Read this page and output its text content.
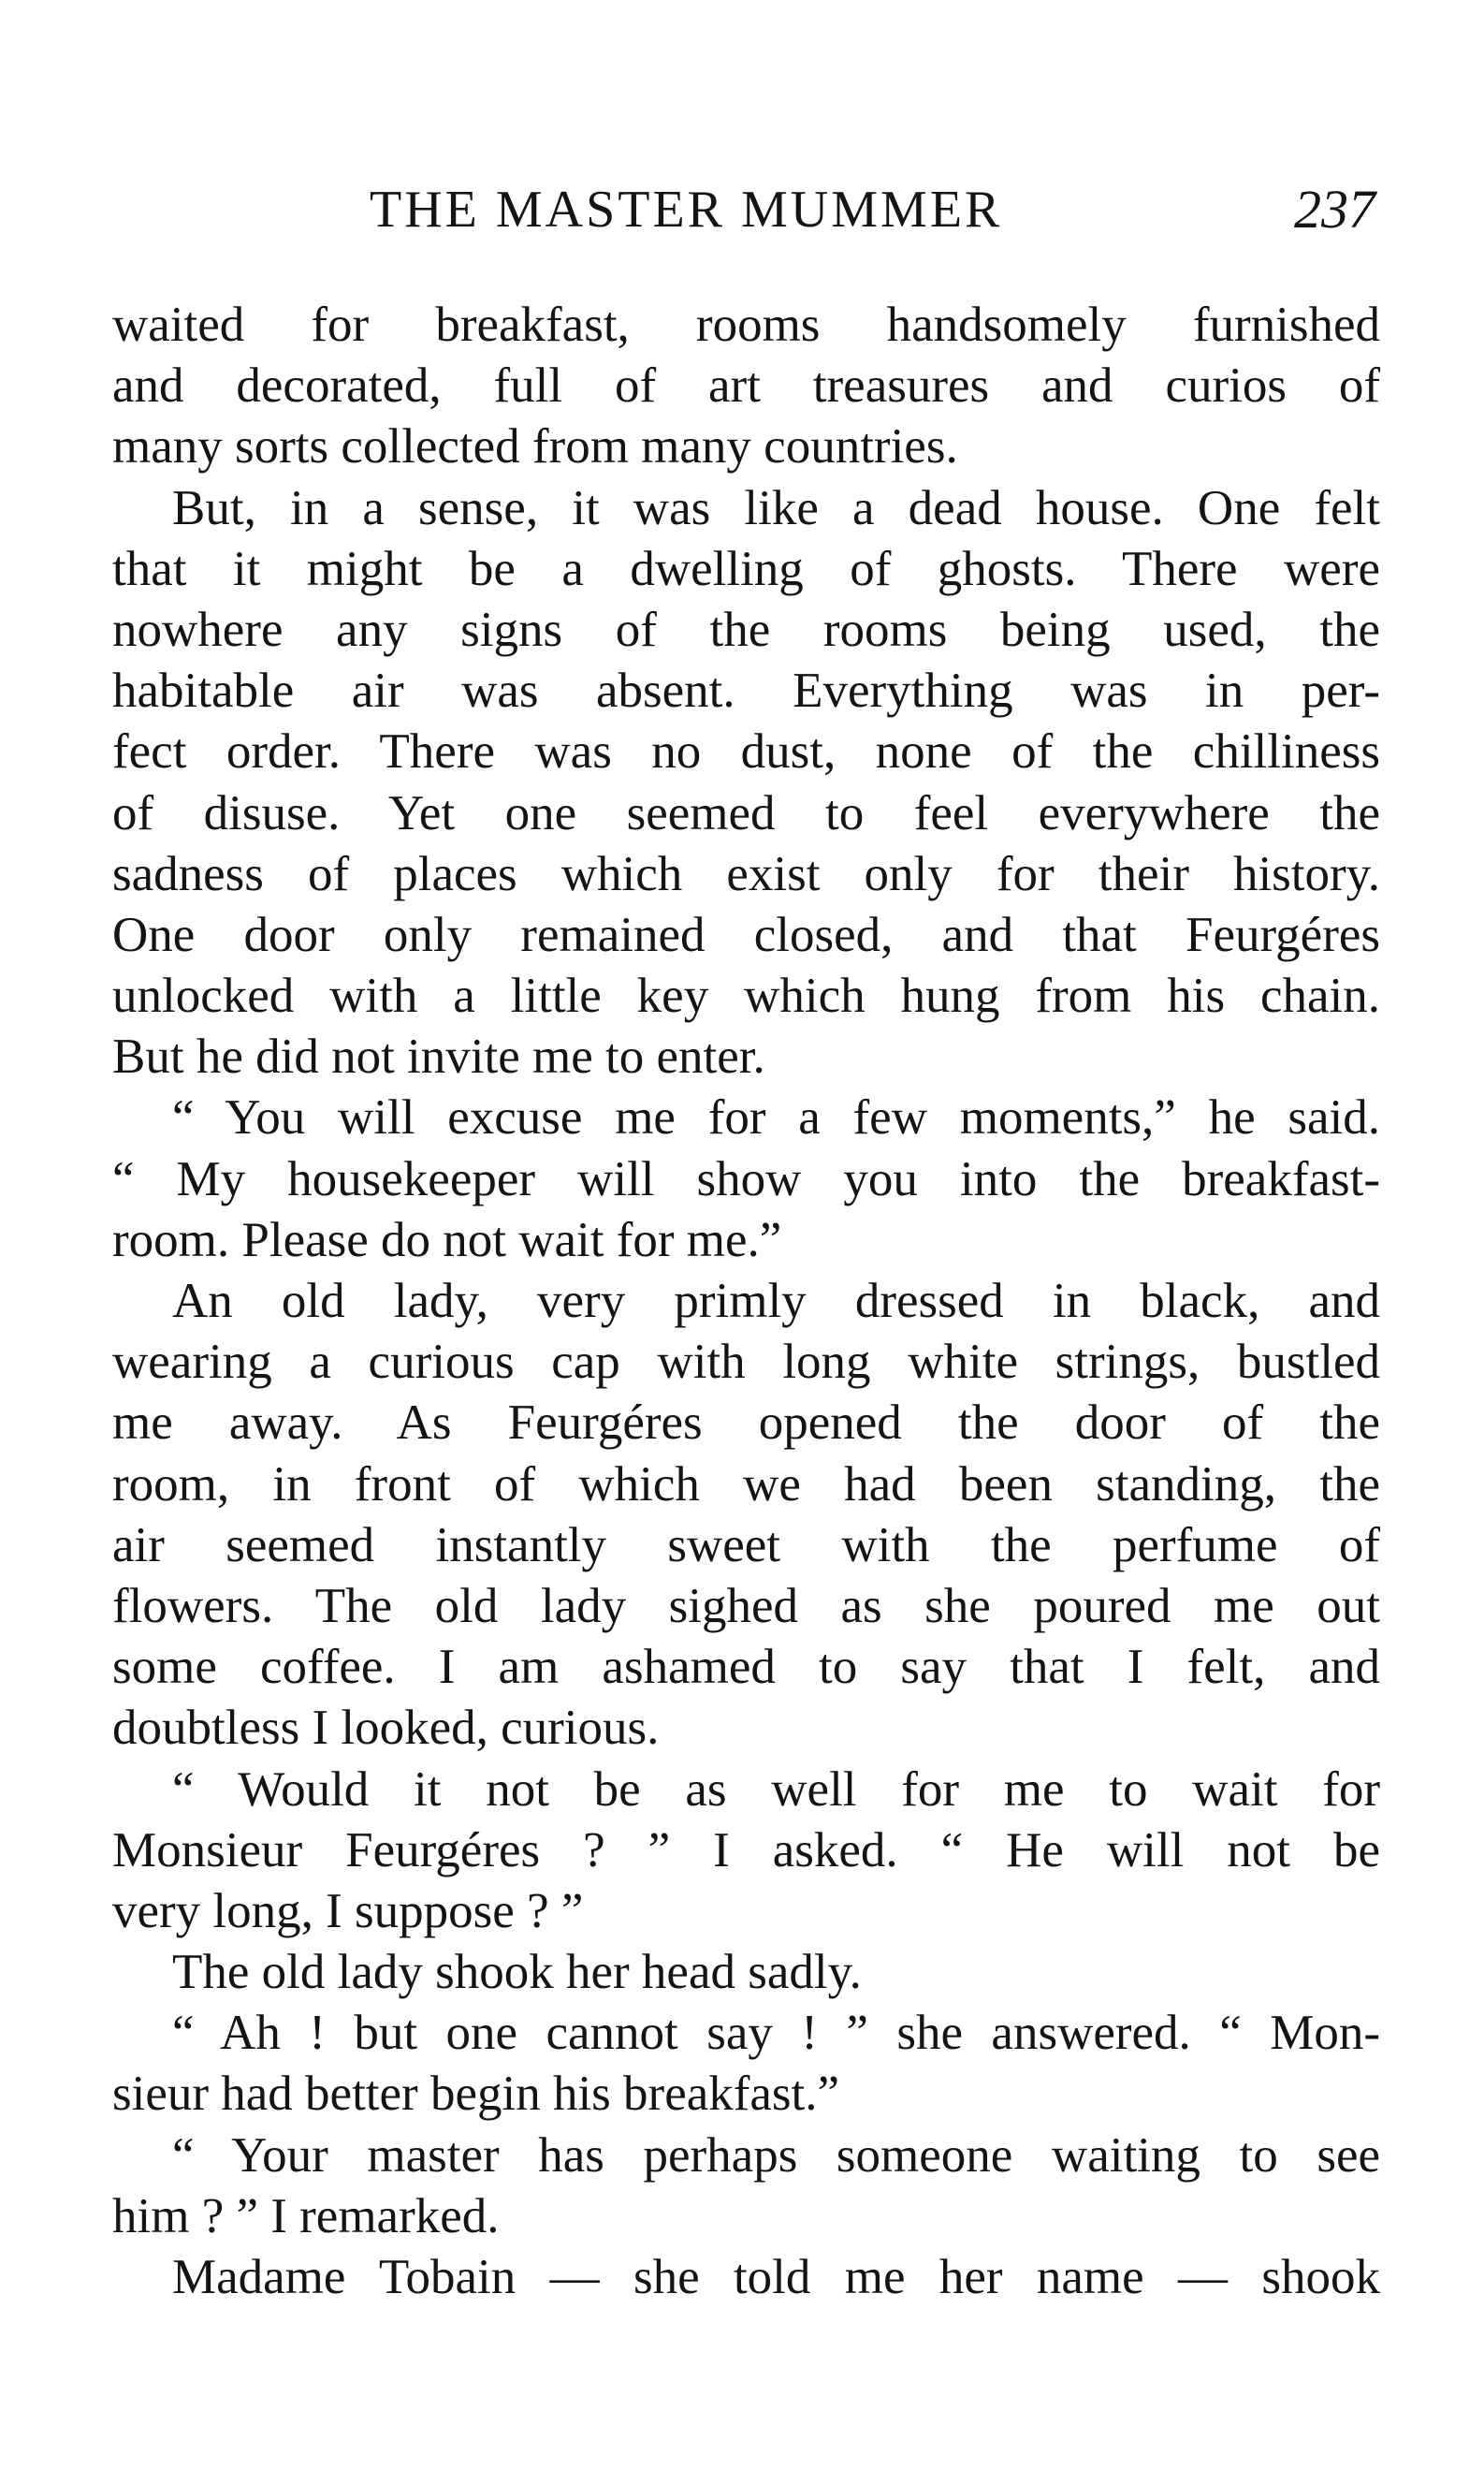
THE MASTER MUMMER	237
waited for breakfast, rooms handsomely furnished
and decorated, full of art treasures and curios of
many sorts collected from many countries.
But, in a sense, it was like a dead house. One felt
that it might be a dwelling of ghosts. There were
nowhere any signs of the rooms being used, the
habitable air was absent. Everything was in per-
fect order. There was no dust, none of the chilliness
of disuse. Yet one seemed to feel everywhere the
sadness of places which exist only for their history.
One door only remained closed, and that Feurgéres
unlocked with a little key which hung from his chain.
But he did not invite me to enter.
“ You will excuse me for a few moments,” he said.
“ My housekeeper will show you into the breakfast-
room. Please do not wait for me.”
An old lady, very primly dressed in black, and
wearing a curious cap with long white strings, bustled
me away. As Feurgéres opened the door of the
room, in front of which we had been standing, the
air seemed instantly sweet with the perfume of
flowers. The old lady sighed as she poured me out
some coffee. I am ashamed to say that I felt, and
doubtless I looked, curious.
“ Would it not be as well for me to wait for
Monsieur Feurgéres ? ” I asked. “ He will not be
very long, I suppose ? ”
The old lady shook her head sadly.
“ Ah ! but one cannot say ! ” she answered. “ Mon-
sieur had better begin his breakfast.”
“ Your master has perhaps someone waiting to see
him ? ” I remarked.
Madame Tobain — she told me her name — shook
